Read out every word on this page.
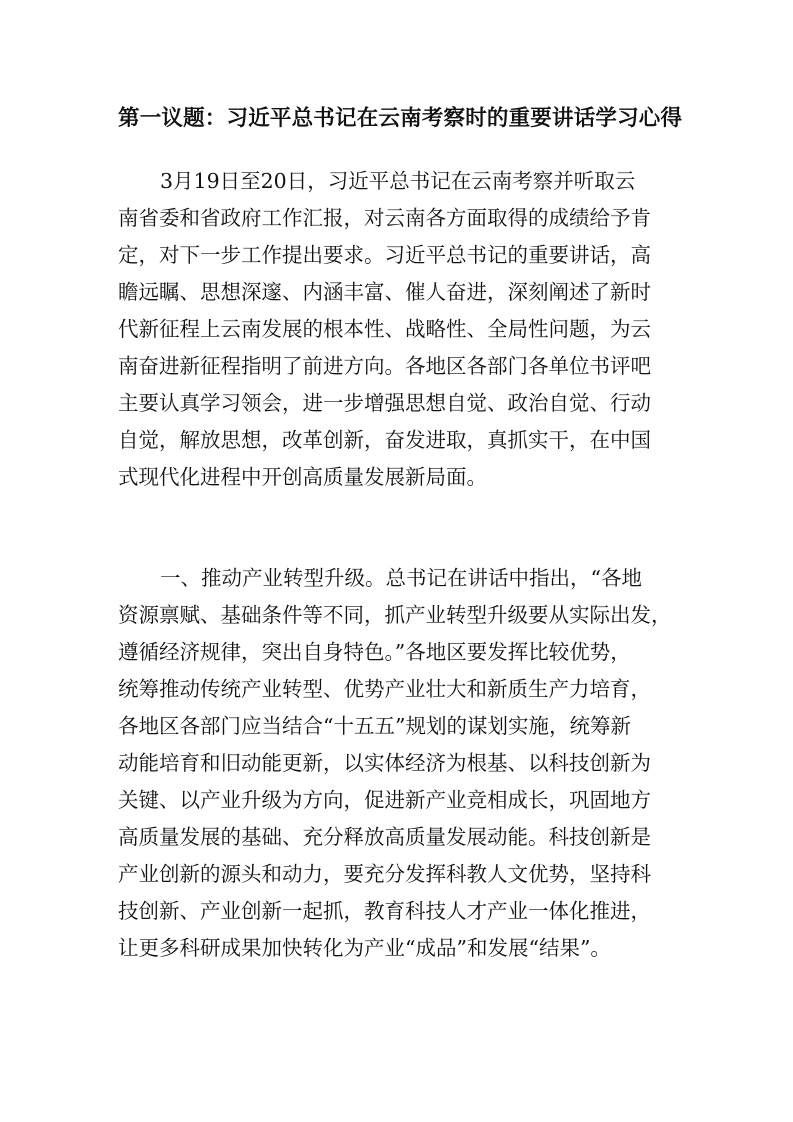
第一议题：习近平总书记在云南考察时的重要讲话学习心得
3月19日至20日，习近平总书记在云南考察并听取云
南省委和省政府工作汇报，对云南各方面取得的成绩给予肯
定，对下一步工作提出要求。习近平总书记的重要讲话，高
瞻远瞩、思想深邃、内涵丰富、催人奋进，深刻阐述了新时
代新征程上云南发展的根本性、战略性、全局性问题，为云
南奋进新征程指明了前进方向。各地区各部门各单位书评吧
主要认真学习领会，进一步增强思想自觉、政治自觉、行动
自觉，解放思想，改革创新，奋发进取，真抓实干，在中国
式现代化进程中开创高质量发展新局面。
一、推动产业转型升级。总书记在讲话中指出，“各地
资源禀赋、基础条件等不同，抓产业转型升级要从实际出发，
遵循经济规律，突出自身特色。”各地区要发挥比较优势，
统筹推动传统产业转型、优势产业壮大和新质生产力培育，
各地区各部门应当结合“十五五”规划的谋划实施，统筹新
动能培育和旧动能更新，以实体经济为根基、以科技创新为
关键、以产业升级为方向，促进新产业竞相成长，巩固地方
高质量发展的基础、充分释放高质量发展动能。科技创新是
产业创新的源头和动力，要充分发挥科教人文优势，坚持科
技创新、产业创新一起抓，教育科技人才产业一体化推进，
让更多科研成果加快转化为产业“成品”和发展“结果”。
